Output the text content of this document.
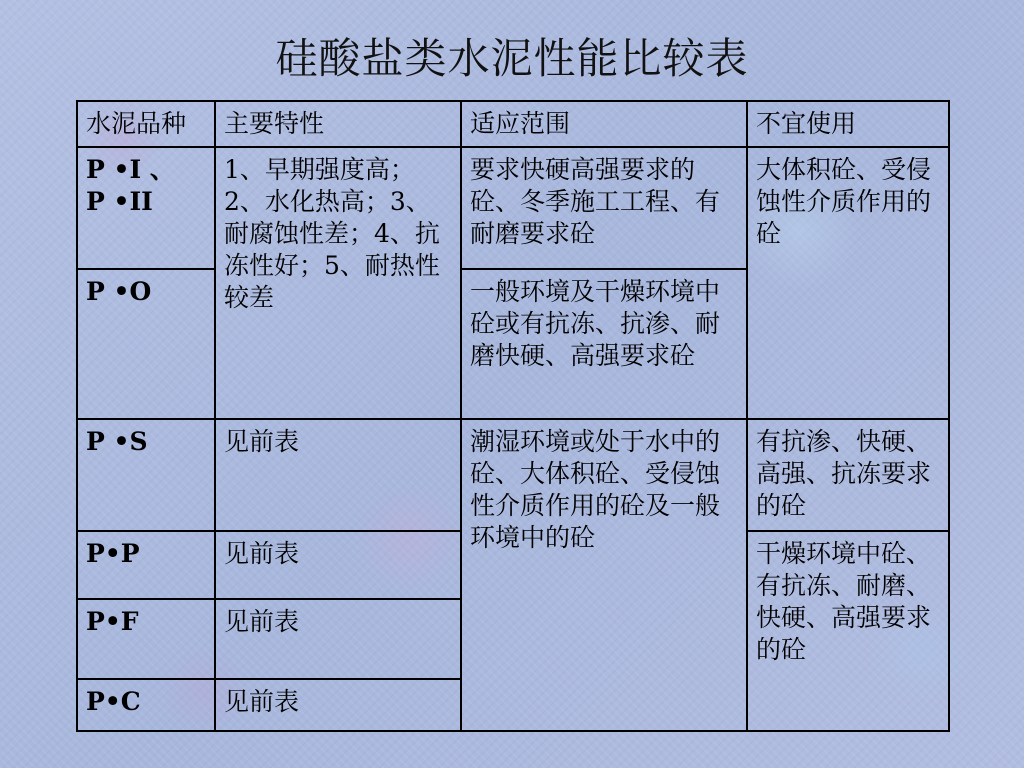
硅酸盐类水泥性能比较表
水泥品种	主要特性	适应范围	不宜使用

P •I 、
P •II	1、早期强度高；2、水化热高；3、耐腐蚀性差；4、抗冻性好；5、耐热性较差	要求快硬高强要求的砼、冬季施工工程、有耐磨要求砼	大体积砼、受侵蚀性介质作用的砼

P •O		一般环境及干燥环境中砼或有抗冻、抗渗、耐磨快硬、高强要求砼	

P •S	见前表	潮湿环境或处于水中的砼、大体积砼、受侵蚀性介质作用的砼及一般环境中的砼	有抗渗、快硬、高强、抗冻要求的砼

P•P	见前表		干燥环境中砼、有抗冻、耐磨、快硬、高强要求的砼

P•F	见前表		

P•C	见前表		
